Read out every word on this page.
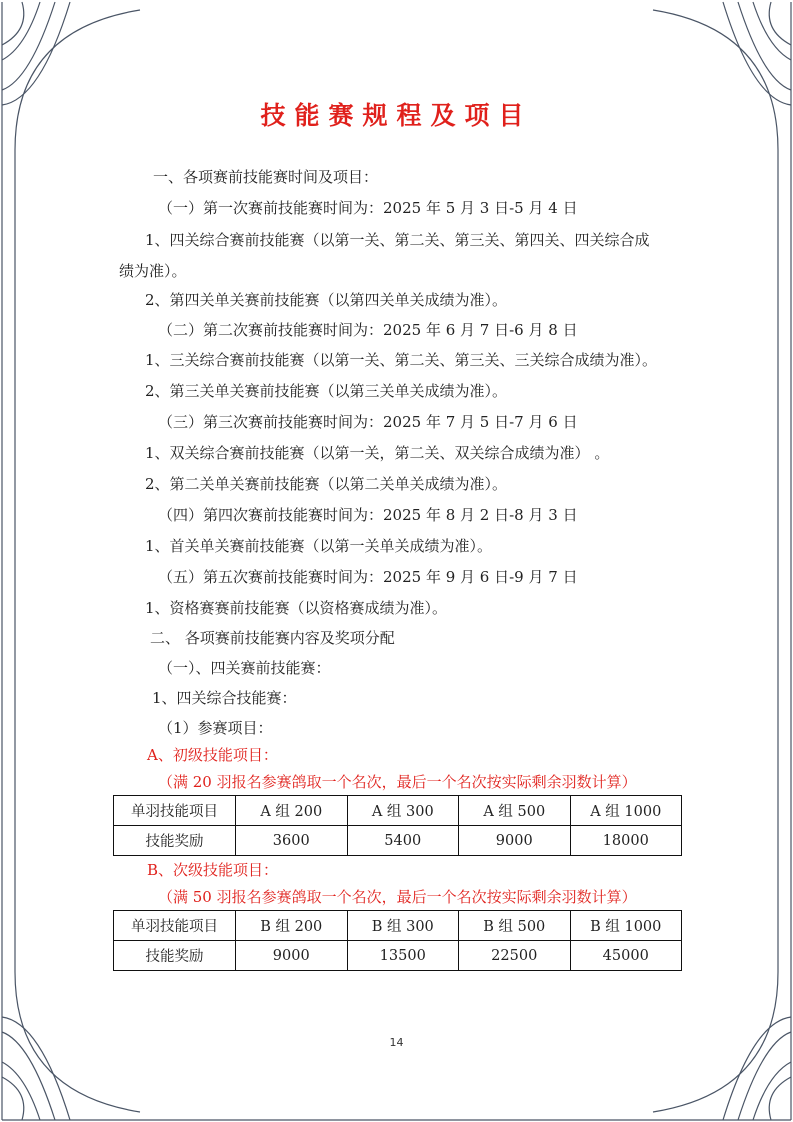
技能赛规程及项目
一、各项赛前技能赛时间及项目：
（一）第一次赛前技能赛时间为：2025 年 5 月 3 日-5 月 4 日
1、四关综合赛前技能赛（以第一关、第二关、第三关、第四关、四关综合成
绩为准）。
2、第四关单关赛前技能赛（以第四关单关成绩为准）。
（二）第二次赛前技能赛时间为：2025 年 6 月 7 日-6 月 8 日
1、三关综合赛前技能赛（以第一关、第二关、第三关、三关综合成绩为准）。
2、第三关单关赛前技能赛（以第三关单关成绩为准）。
（三）第三次赛前技能赛时间为：2025 年 7 月 5 日-7 月 6 日
1、双关综合赛前技能赛（以第一关，第二关、双关综合成绩为准） 。
2、第二关单关赛前技能赛（以第二关单关成绩为准）。
（四）第四次赛前技能赛时间为：2025 年 8 月 2 日-8 月 3 日
1、首关单关赛前技能赛（以第一关单关成绩为准）。
（五）第五次赛前技能赛时间为：2025 年 9 月 6 日-9 月 7 日
1、资格赛赛前技能赛（以资格赛成绩为准）。
二、 各项赛前技能赛内容及奖项分配
（一）、四关赛前技能赛：
1、四关综合技能赛：
（1）参赛项目：
A、初级技能项目：
（满 20 羽报名参赛鸽取一个名次，最后一个名次按实际剩余羽数计算）
单羽技能项目	A 组 200	A 组 300	A 组 500	A 组 1000
技能奖励	3600	5400	9000	18000
B、次级技能项目：
（满 50 羽报名参赛鸽取一个名次，最后一个名次按实际剩余羽数计算）
单羽技能项目	B 组 200	B 组 300	B 组 500	B 组 1000
技能奖励	9000	13500	22500	45000
14
